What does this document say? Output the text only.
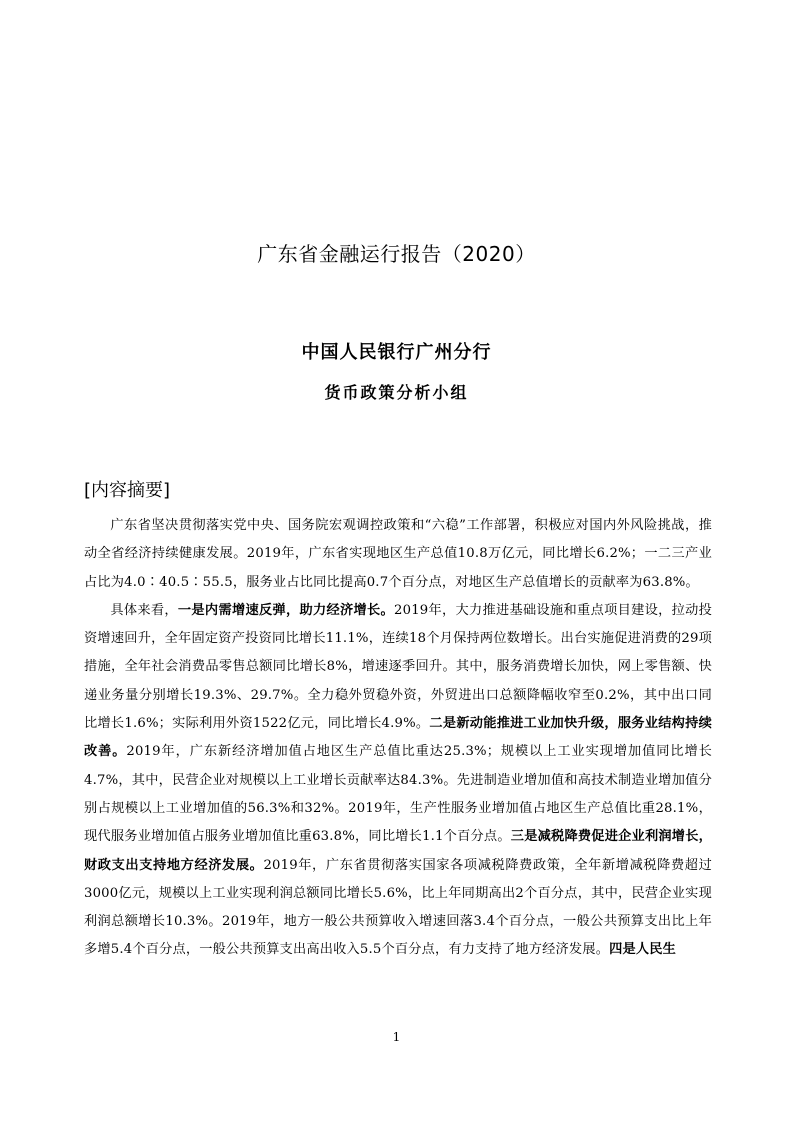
广东省金融运行报告（2020）
中国人民银行广州分行
货币政策分析小组
[内容摘要]

广东省坚决贯彻落实党中央、国务院宏观调控政策和“六稳”工作部署，积极应对国内外风险挑战，推动全省经济持续健康发展。2019年，广东省实现地区生产总值10.8万亿元，同比增长6.2%；一二三产业占比为4.0∶40.5∶55.5，服务业占比同比提高0.7个百分点，对地区生产总值增长的贡献率为63.8%。

具体来看，一是内需增速反弹，助力经济增长。2019年，大力推进基础设施和重点项目建设，拉动投资增速回升，全年固定资产投资同比增长11.1%，连续18个月保持两位数增长。出台实施促进消费的29项措施，全年社会消费品零售总额同比增长8%，增速逐季回升。其中，服务消费增长加快，网上零售额、快递业务量分别增长19.3%、29.7%。全力稳外贸稳外资，外贸进出口总额降幅收窄至0.2%，其中出口同比增长1.6%；实际利用外资1522亿元，同比增长4.9%。二是新动能推进工业加快升级，服务业结构持续改善。2019年，广东新经济增加值占地区生产总值比重达25.3%；规模以上工业实现增加值同比增长4.7%，其中，民营企业对规模以上工业增长贡献率达84.3%。先进制造业增加值和高技术制造业增加值分别占规模以上工业增加值的56.3%和32%。2019年，生产性服务业增加值占地区生产总值比重28.1%，现代服务业增加值占服务业增加值比重63.8%，同比增长1.1个百分点。三是减税降费促进企业利润增长，财政支出支持地方经济发展。2019年，广东省贯彻落实国家各项减税降费政策，全年新增减税降费超过3000亿元，规模以上工业实现利润总额同比增长5.6%，比上年同期高出2个百分点，其中，民营企业实现利润总额增长10.3%。2019年，地方一般公共预算收入增速回落3.4个百分点，一般公共预算支出比上年多增5.4个百分点，一般公共预算支出高出收入5.5个百分点，有力支持了地方经济发展。四是人民生

1
